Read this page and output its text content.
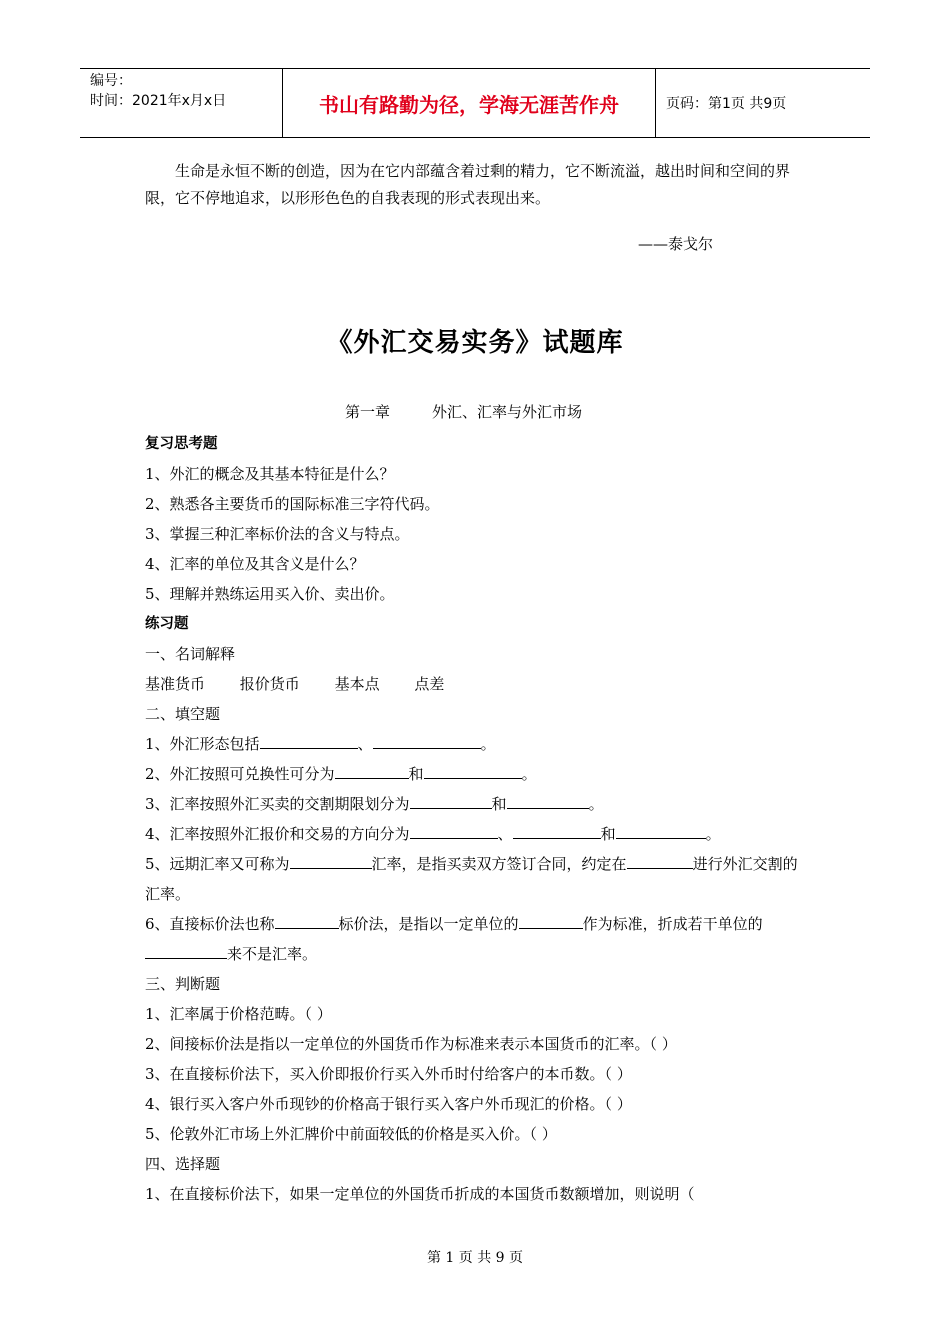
编号：
时间：2021年x月x日	书山有路勤为径，学海无涯苦作舟	页码：第1页 共9页
生命是永恒不断的创造，因为在它内部蕴含着过剩的精力，它不断流溢，越出时间和空间的界限，它不停地追求，以形形色色的自我表现的形式表现出来。
——泰戈尔
《外汇交易实务》试题库
第一章	外汇、汇率与外汇市场
复习思考题
1、外汇的概念及其基本特征是什么？
2、熟悉各主要货币的国际标准三字符代码。
3、掌握三种汇率标价法的含义与特点。
4、汇率的单位及其含义是什么？
5、理解并熟练运用买入价、卖出价。
练习题
一、名词解释
基准货币 报价货币 基本点 点差
二、填空题
1、外汇形态包括	、	。
2、外汇按照可兑换性可分为	和	。
3、汇率按照外汇买卖的交割期限划分为	和	。
4、汇率按照外汇报价和交易的方向分为	、	和	。
5、远期汇率又可称为	汇率，是指买卖双方签订合同，约定在	进行外汇交割的汇率。
6、直接标价法也称	标价法，是指以一定单位的	作为标准，折成若干单位的来不是汇率。
三、判断题
1、汇率属于价格范畴。（ ）
2、间接标价法是指以一定单位的外国货币作为标准来表示本国货币的汇率。（ ）
3、在直接标价法下，买入价即报价行买入外币时付给客户的本币数。（ ）
4、银行买入客户外币现钞的价格高于银行买入客户外币现汇的价格。（ ）
5、伦敦外汇市场上外汇牌价中前面较低的价格是买入价。（ ）
四、选择题
1、在直接标价法下，如果一定单位的外国货币折成的本国货币数额增加，则说明（
第 1 页 共 9 页
